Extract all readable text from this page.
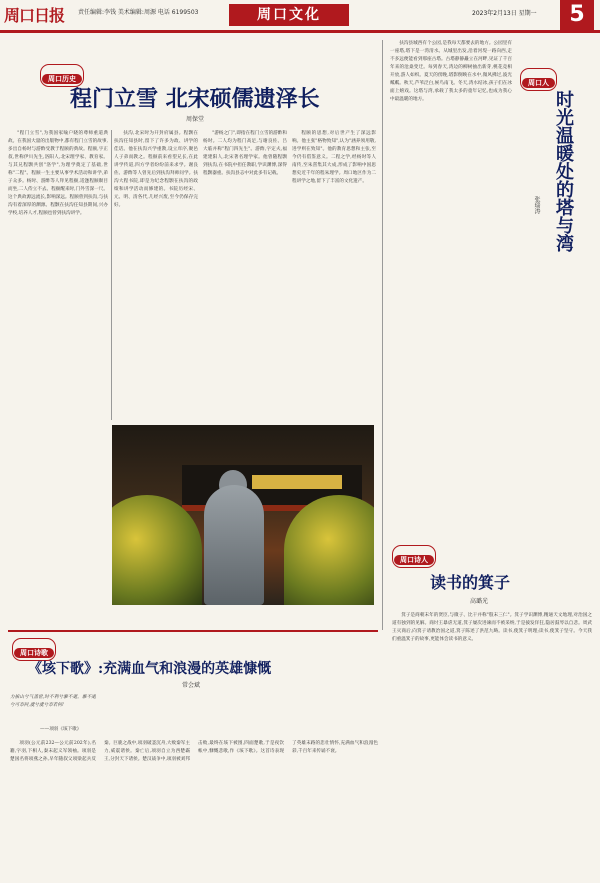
周口日报 责任编辑:李钱 美术编辑:周源 电话 6199503	周口文化	2023年2月13日 星期一	5
周口历史
程门立雪 北宋硕儒遗泽长
周保堂

"程门立雪",为我国家喻户晓的尊师重道典故。在我国大量的出版物中,都有程门立雪的故事,多出自杨时与游酢受教于程颐的典故。程颐,字正叔,世称伊川先生,洛阳人,北宋理学家、教育家。与其兄程颢共创"洛学",为理学奠定了基础,世称"二程"。程颐一生主要从事学术活动和讲学,弟子众多。杨时、游酢等人拜见程颐,适逢程颐瞑目而坐,二人侍立不去。程颐醒来时,门外雪深一尺。这个典故源远流长,影响深远。程颐曾到扶沟,与扶沟有着深厚的渊源。程颢在扶沟任知县期间,兴办学校,培养人才,程颐也曾到扶沟讲学。

扶沟,北宋时为开封府属县。程颢在扶沟任知县时,留下了许多为政、讲学的佳话。他在扶沟兴学重教,设立庠序,聚邑人子弟而教之。程颐前来看望兄长,在此讲学传道,四方学者纷纷前来求学。谢良佐、游酢等人曾先后到扶沟拜师问学。扶沟大程书院,即是为纪念程颢在扶沟的政绩和讲学活动而修建的。书院历经宋、元、明、清各代,几经兴废,至今仍保存完好。

"游杨之门",即指在程门立雪的游酢和杨时。二人均为程门高足,与谢良佐、吕大临并称"程门四先生"。游酢,字定夫,福建建阳人,北宋著名理学家。他曾随程颢到扶沟,在书院中担任教职,学识渊博,深得程颢器重。扶沟县志中对此多有记载。

程颐的思想,对后世产生了深远影响。他主张"格物致知",认为"涵养须用敬,进学则在致知"。他的教育思想和主张,至今仍有借鉴意义。二程之学,经杨时等人南传,至朱熹集其大成,形成了影响中国思想史近千年的程朱理学。周口地区作为二程讲学之地,留下了丰富的文化遗产。

扶沟县城西有个公园,是我每天都要去的地方。公园里有一座塔,塔下是一湾清水。从城里出发,沿着河堤一路向西,走不多远便能看到那座古塔。古塔静静矗立在河畔,见证了千百年来的沧桑变迁。每到春天,湾边的柳树抽出新芽,桃花竞相开放,游人如织。夏天的傍晚,塔影倒映在水中,微风拂过,波光粼粼。秋天,芦苇泛白,候鸟南飞。冬天,湾水结冰,孩子们在冰面上嬉戏。这塔与湾,承载了我太多的童年记忆,也成为我心中最温暖的地方。

周口人
时光温暖处的塔与湾
张瑞涛
周口诗人
读书的箕子
高璐光

箕子是商朝末年的贤臣,与微子、比干并称"殷末三仁"。箕子学识渊博,精通天文地理,对治国之道有独到的见解。商纣王暴虐无道,箕子屡次进谏而不被采纳,于是披发佯狂,隐居鼓琴以自悲。周武王灭商后,向箕子请教治国之道,箕子陈述了洪范九畴。读书,使箕子明理;读书,使箕子坚守。今天我们重温箕子的故事,更能体会读书的意义。

周口诗歌
《垓下歌》:充满血气和浪漫的英雄慷慨
常会斌
力拔山兮气盖世,时不利兮骓不逝。骓不逝兮可奈何,虞兮虞兮奈若何!
——项羽《垓下歌》

项羽(公元前232—公元前202年),名籍,字羽,下相人,秦末起义军领袖。项羽是楚国名将项燕之孙,早年随叔父项梁起兵反秦。巨鹿之战中,项羽破釜沉舟,大败秦军主力,威震诸侯。秦亡后,项羽自立为西楚霸王,分封天下诸侯。楚汉战争中,项羽被刘邦击败,最终在垓下被围,四面楚歌,于是夜饮帐中,慷慨悲歌,作《垓下歌》。这首诗表现了英雄末路的悲壮情怀,充满血气和浪漫色彩,千百年来传诵不衰。
